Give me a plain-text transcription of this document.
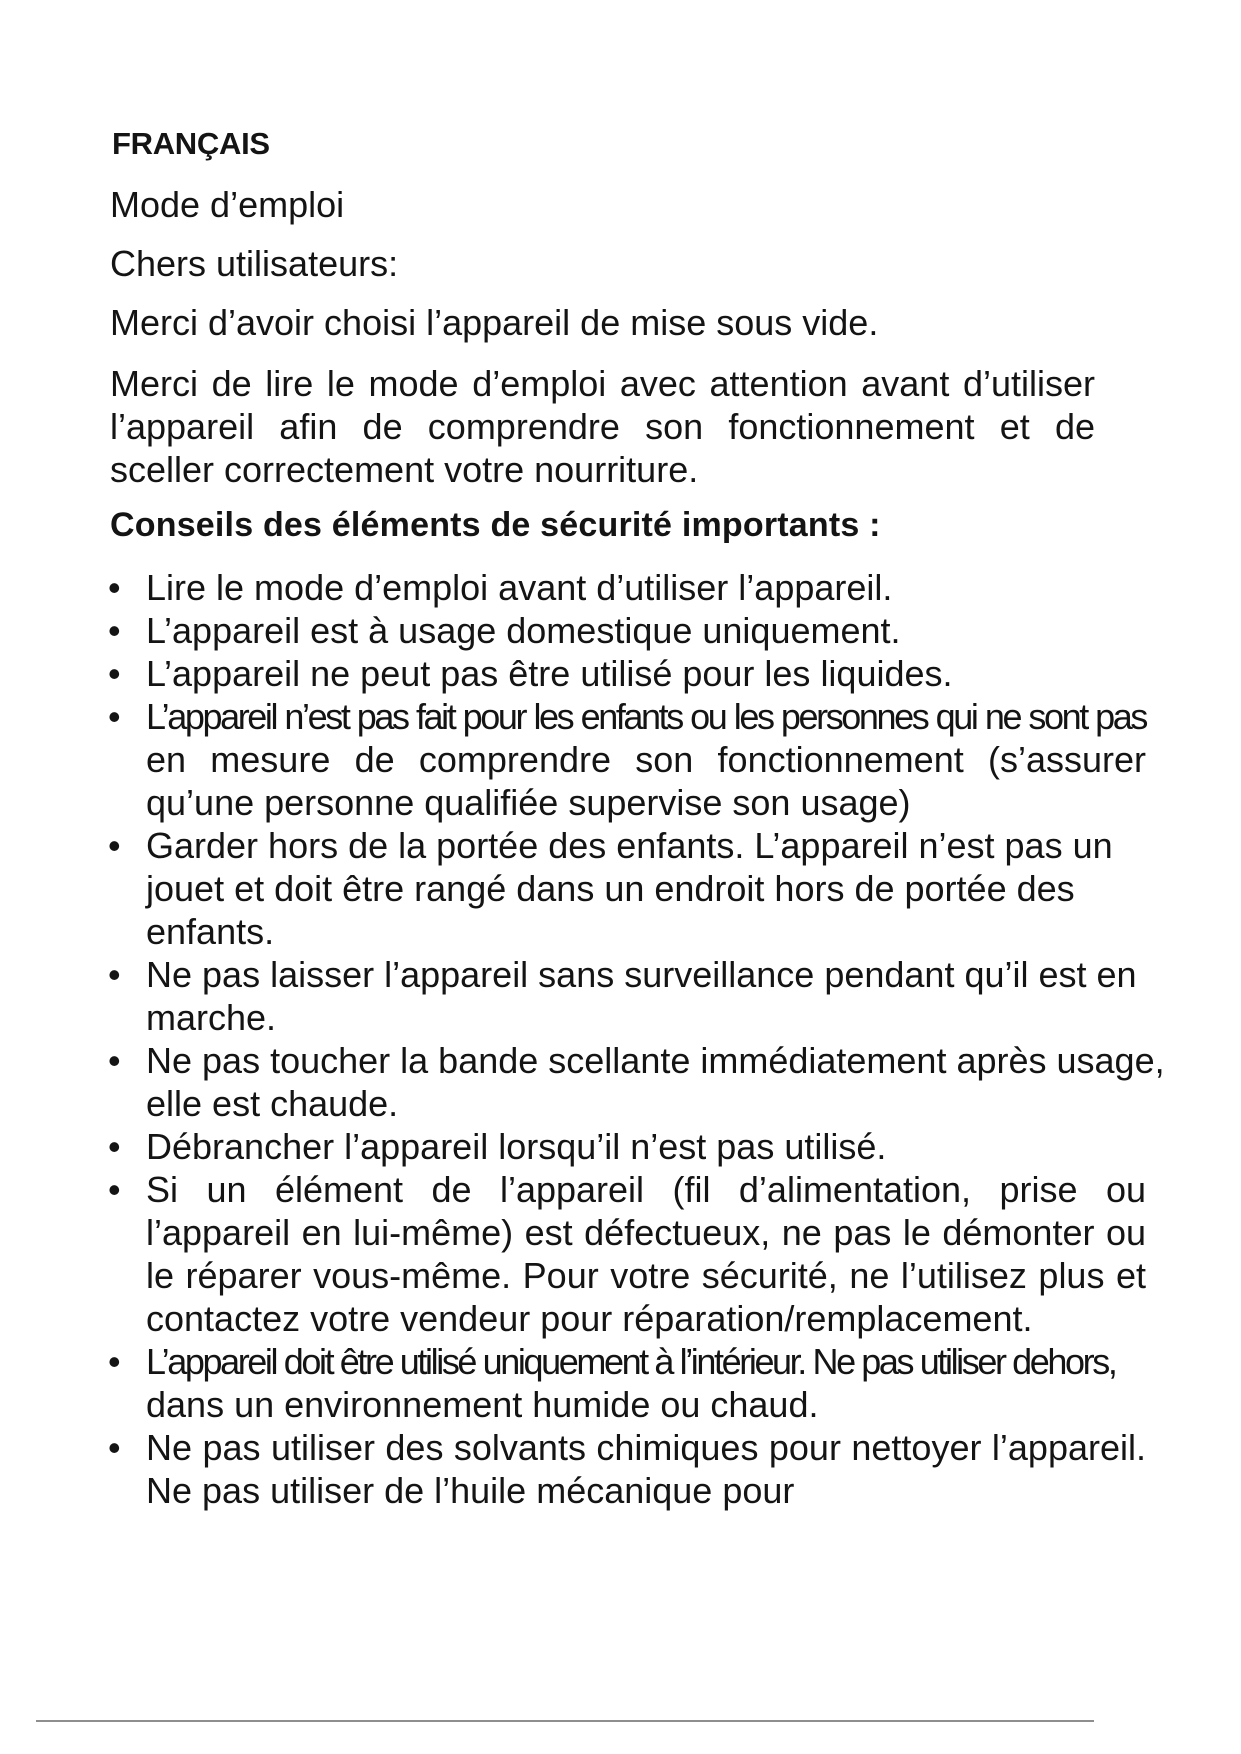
FRANÇAIS

Mode d’emploi

Chers utilisateurs:

Merci d’avoir choisi l’appareil de mise sous vide.

Merci de lire le mode d’emploi avec attention avant d’utiliser l’appareil afin de comprendre son fonctionnement et de sceller correctement votre nourriture.

Conseils des éléments de sécurité importants :
• Lire le mode d’emploi avant d’utiliser l’appareil.
• L’appareil est à usage domestique uniquement.
• L’appareil ne peut pas être utilisé pour les liquides.
• L’appareil n’est pas fait pour les enfants ou les personnes qui ne sont pas en mesure de comprendre son fonctionnement (s’assurer qu’une personne qualifiée supervise son usage)
• Garder hors de la portée des enfants. L’appareil n’est pas un jouet et doit être rangé dans un endroit hors de portée des enfants.
• Ne pas laisser l’appareil sans surveillance pendant qu’il est en marche.
• Ne pas toucher la bande scellante immédiatement après usage, elle est chaude.
• Débrancher l’appareil lorsqu’il n’est pas utilisé.
• Si un élément de l’appareil (fil d’alimentation, prise ou l’appareil en lui-même) est défectueux, ne pas le démonter ou le réparer vous-même. Pour votre sécurité, ne l’utilisez plus et contactez votre vendeur pour réparation/remplacement.
• L’appareil doit être utilisé uniquement à l’intérieur. Ne pas utiliser dehors, dans un environnement humide ou chaud.
• Ne pas utiliser des solvants chimiques pour nettoyer l’appareil. Ne pas utiliser de l’huile mécanique pour
